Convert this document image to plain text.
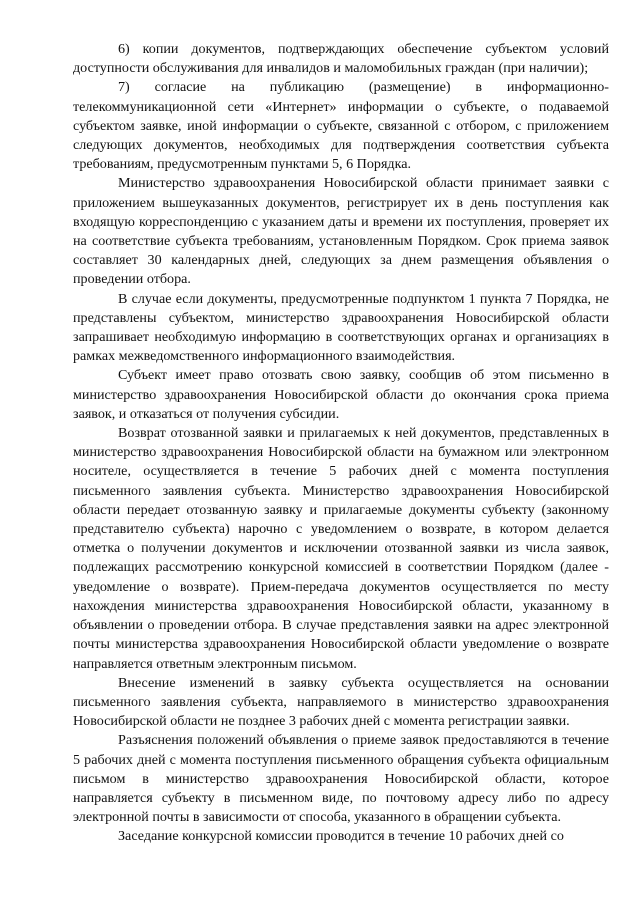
6) копии документов, подтверждающих обеспечение субъектом условий доступности обслуживания для инвалидов и маломобильных граждан (при наличии);

7) согласие на публикацию (размещение) в информационно-телекоммуникационной сети «Интернет» информации о субъекте, о подаваемой субъектом заявке, иной информации о субъекте, связанной с отбором, с приложением следующих документов, необходимых для подтверждения соответствия субъекта требованиям, предусмотренным пунктами 5, 6 Порядка.

Министерство здравоохранения Новосибирской области принимает заявки с приложением вышеуказанных документов, регистрирует их в день поступления как входящую корреспонденцию с указанием даты и времени их поступления, проверяет их на соответствие субъекта требованиям, установленным Порядком. Срок приема заявок составляет 30 календарных дней, следующих за днем размещения объявления о проведении отбора.

В случае если документы, предусмотренные подпунктом 1 пункта 7 Порядка, не представлены субъектом, министерство здравоохранения Новосибирской области запрашивает необходимую информацию в соответствующих органах и организациях в рамках межведомственного информационного взаимодействия.

Субъект имеет право отозвать свою заявку, сообщив об этом письменно в министерство здравоохранения Новосибирской области до окончания срока приема заявок, и отказаться от получения субсидии.

Возврат отозванной заявки и прилагаемых к ней документов, представленных в министерство здравоохранения Новосибирской области на бумажном или электронном носителе, осуществляется в течение 5 рабочих дней с момента поступления письменного заявления субъекта. Министерство здравоохранения Новосибирской области передает отозванную заявку и прилагаемые документы субъекту (законному представителю субъекта) нарочно с уведомлением о возврате, в котором делается отметка о получении документов и исключении отозванной заявки из числа заявок, подлежащих рассмотрению конкурсной комиссией в соответствии Порядком (далее - уведомление о возврате). Прием-передача документов осуществляется по месту нахождения министерства здравоохранения Новосибирской области, указанному в объявлении о проведении отбора. В случае представления заявки на адрес электронной почты министерства здравоохранения Новосибирской области уведомление о возврате направляется ответным электронным письмом.

Внесение изменений в заявку субъекта осуществляется на основании письменного заявления субъекта, направляемого в министерство здравоохранения Новосибирской области не позднее 3 рабочих дней с момента регистрации заявки.

Разъяснения положений объявления о приеме заявок предоставляются в течение 5 рабочих дней с момента поступления письменного обращения субъекта официальным письмом в министерство здравоохранения Новосибирской области, которое направляется субъекту в письменном виде, по почтовому адресу либо по адресу электронной почты в зависимости от способа, указанного в обращении субъекта.

Заседание конкурсной комиссии проводится в течение 10 рабочих дней со
